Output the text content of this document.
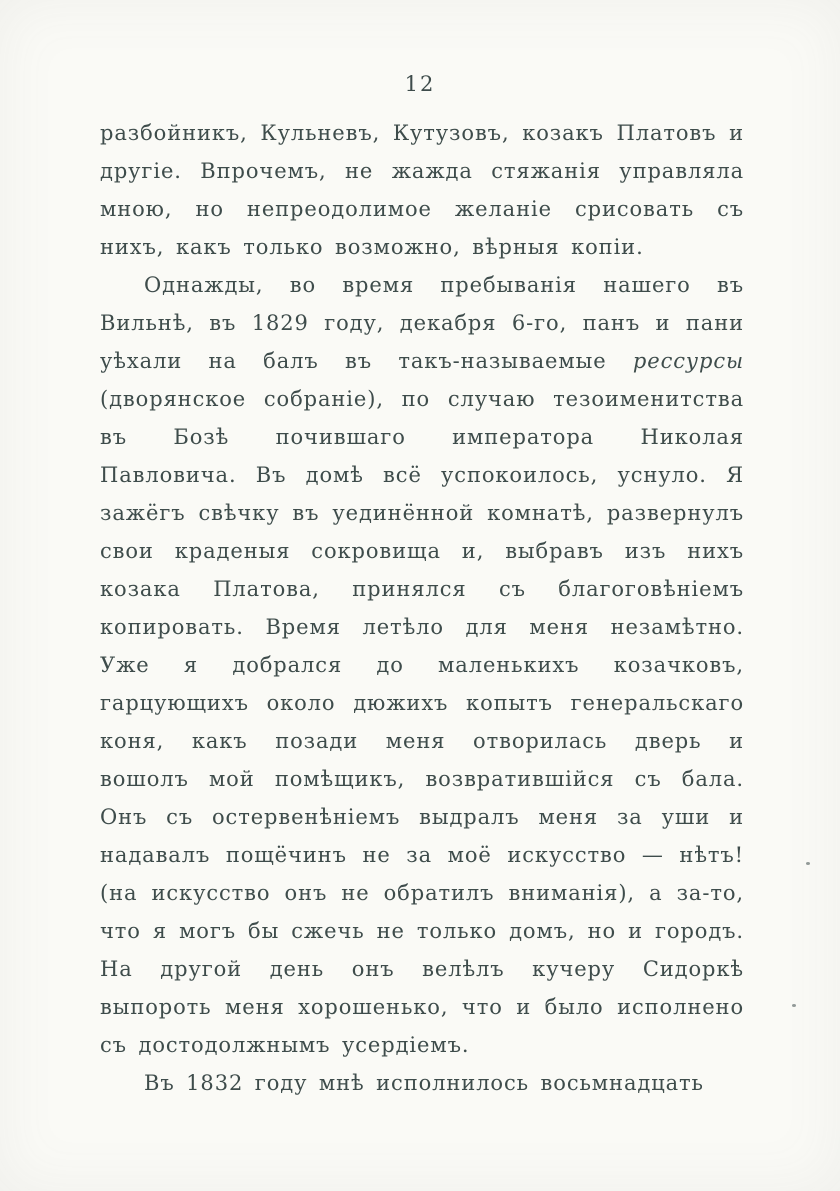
12

разбойникъ, Кульневъ, Кутузовъ, козакъ Платовъ и другіе. Впрочемъ, не жажда стяжанія управляла мною, но непреодолимое желаніе срисовать съ нихъ, какъ только возможно, вѣрныя копіи.

Однажды, во время пребыванія нашего въ Вильнѣ, въ 1829 году, декабря 6-го, панъ и пани уѣхали на балъ въ такъ-называемые рессурсы (дворянское собраніе), по случаю тезоименитства въ Бозѣ почившаго императора Николая Павловича. Въ домѣ всё успокоилось, уснуло. Я зажёгъ свѣчку въ уединённой комнатѣ, развернулъ свои краденыя сокровища и, выбравъ изъ нихъ козака Платова, принялся съ благоговѣніемъ копировать. Время летѣло для меня незамѣтно. Уже я добрался до маленькихъ козачковъ, гарцующихъ около дюжихъ копытъ генеральскаго коня, какъ позади меня отворилась дверь и вошолъ мой помѣщикъ, возвратившійся съ бала. Онъ съ остервенѣніемъ выдралъ меня за уши и надавалъ пощёчинъ не за моё искусство — нѣтъ! (на искусство онъ не обратилъ вниманія), а за-то, что я могъ бы сжечь не только домъ, но и городъ. На другой день онъ велѣлъ кучеру Сидоркѣ выпороть меня хорошенько, что и было исполнено съ достодолжнымъ усердіемъ.

Въ 1832 году мнѣ исполнилось восьмнадцать
